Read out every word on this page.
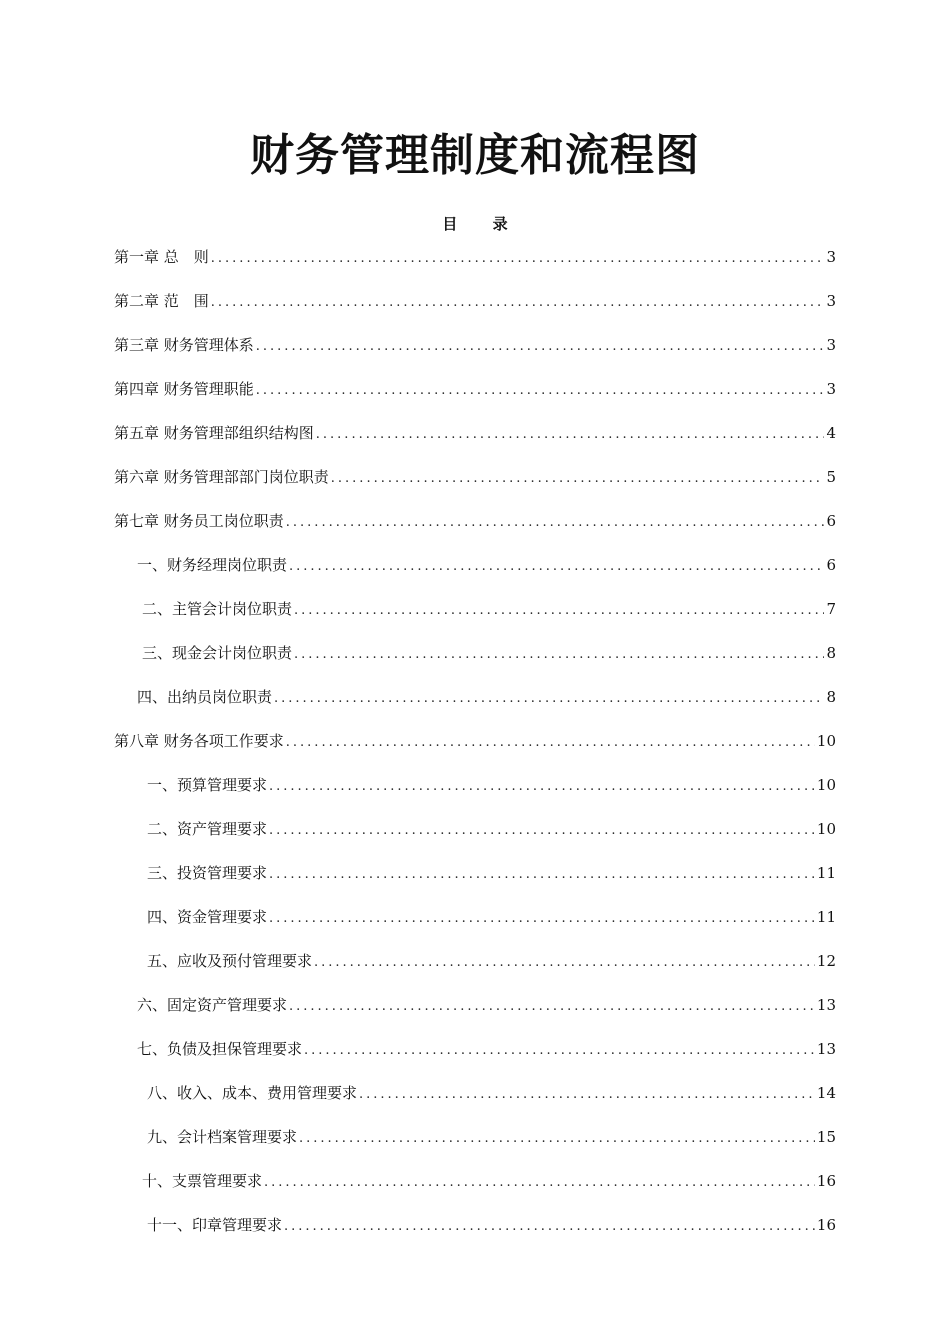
财务管理制度和流程图
目 录
第一章 总　则 .....	3
第二章 范　围 .....	3
第三章 财务管理体系 .....	3
第四章 财务管理职能 .....	3
第五章 财务管理部组织结构图 .....	4
第六章 财务管理部部门岗位职责 .....	5
第七章 财务员工岗位职责 .....	6
一、财务经理岗位职责 .....	6
二、主管会计岗位职责 .....	7
三、现金会计岗位职责 .....	8
四、出纳员岗位职责 .....	8
第八章 财务各项工作要求 .....	10
一、预算管理要求 .....	10
二、资产管理要求 .....	10
三、投资管理要求 .....	11
四、资金管理要求 .....	11
五、应收及预付管理要求 .....	12
六、固定资产管理要求 .....	13
七、负债及担保管理要求 .....	13
八、收入、成本、费用管理要求 .....	14
九、会计档案管理要求 .....	15
十、支票管理要求 .....	16
十一、印章管理要求 .....	16
